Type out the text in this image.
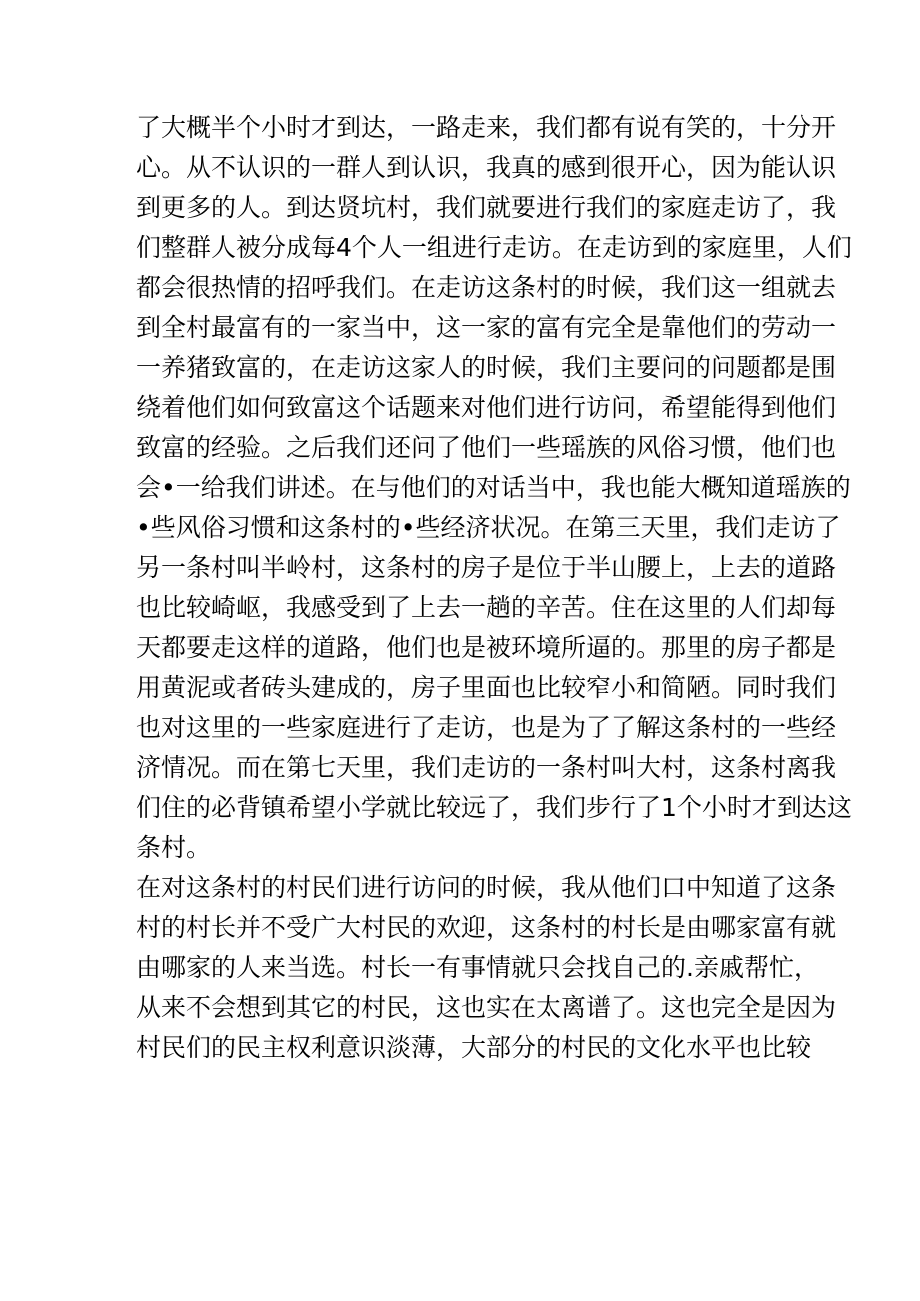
了大概半个小时才到达，一路走来，我们都有说有笑的，十分开
心。从不认识的一群人到认识，我真的感到很开心，因为能认识
到更多的人。到达贤坑村，我们就要进行我们的家庭走访了，我
们整群人被分成每4个人一组进行走访。在走访到的家庭里，人们
都会很热情的招呼我们。在走访这条村的时候，我们这一组就去
到全村最富有的一家当中，这一家的富有完全是靠他们的劳动一
一养猪致富的，在走访这家人的时候，我们主要问的问题都是围
绕着他们如何致富这个话题来对他们进行访问，希望能得到他们
致富的经验。之后我们还问了他们一些瑶族的风俗习惯，他们也
会•一给我们讲述。在与他们的对话当中，我也能大概知道瑶族的
•些风俗习惯和这条村的•些经济状况。在第三天里，我们走访了
另一条村叫半岭村，这条村的房子是位于半山腰上，上去的道路
也比较崎岖，我感受到了上去一趟的辛苦。住在这里的人们却每
天都要走这样的道路，他们也是被环境所逼的。那里的房子都是
用黄泥或者砖头建成的，房子里面也比较窄小和简陋。同时我们
也对这里的一些家庭进行了走访，也是为了了解这条村的一些经
济情况。而在第七天里，我们走访的一条村叫大村，这条村离我
们住的必背镇希望小学就比较远了，我们步行了1个小时才到达这
条村。
在对这条村的村民们进行访问的时候，我从他们口中知道了这条
村的村长并不受广大村民的欢迎，这条村的村长是由哪家富有就
由哪家的人来当选。村长一有事情就只会找自己的.亲戚帮忙，
从来不会想到其它的村民，这也实在太离谱了。这也完全是因为
村民们的民主权利意识淡薄，大部分的村民的文化水平也比较
